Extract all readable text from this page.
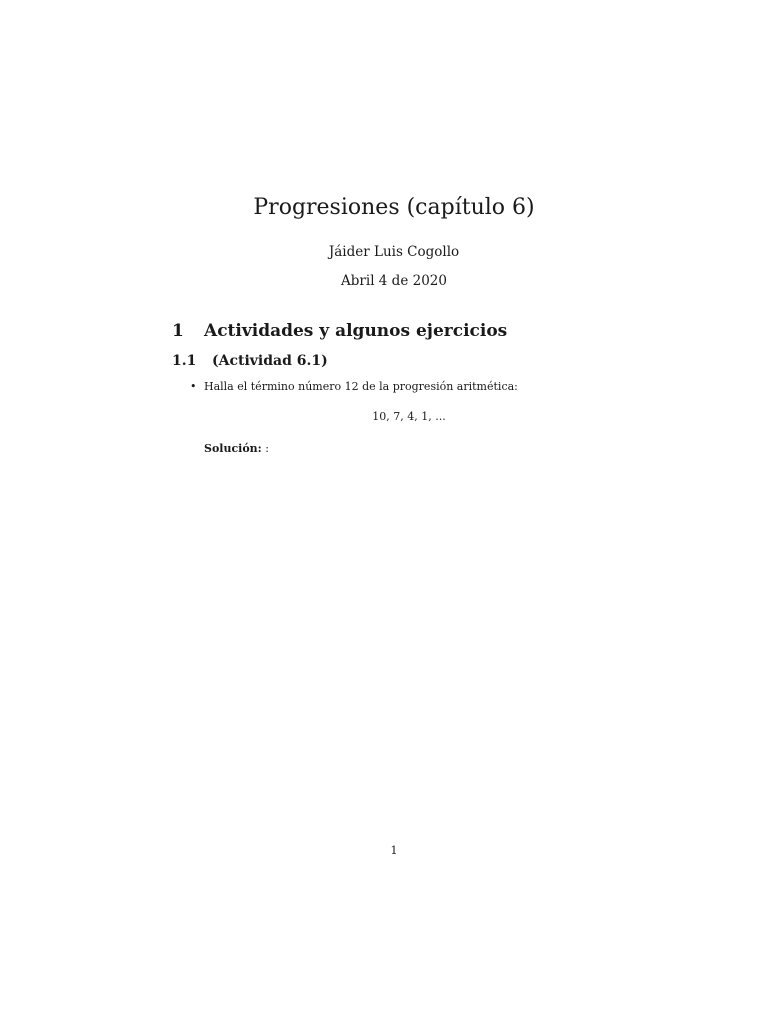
Progresiones (capítulo 6)
Jáider Luis Cogollo
Abril 4 de 2020
1	Actividades y algunos ejercicios
1.1	(Actividad 6.1)
• Halla el término número 12 de la progresión aritmética:
10, 7, 4, 1, ...
Solución: :
1
